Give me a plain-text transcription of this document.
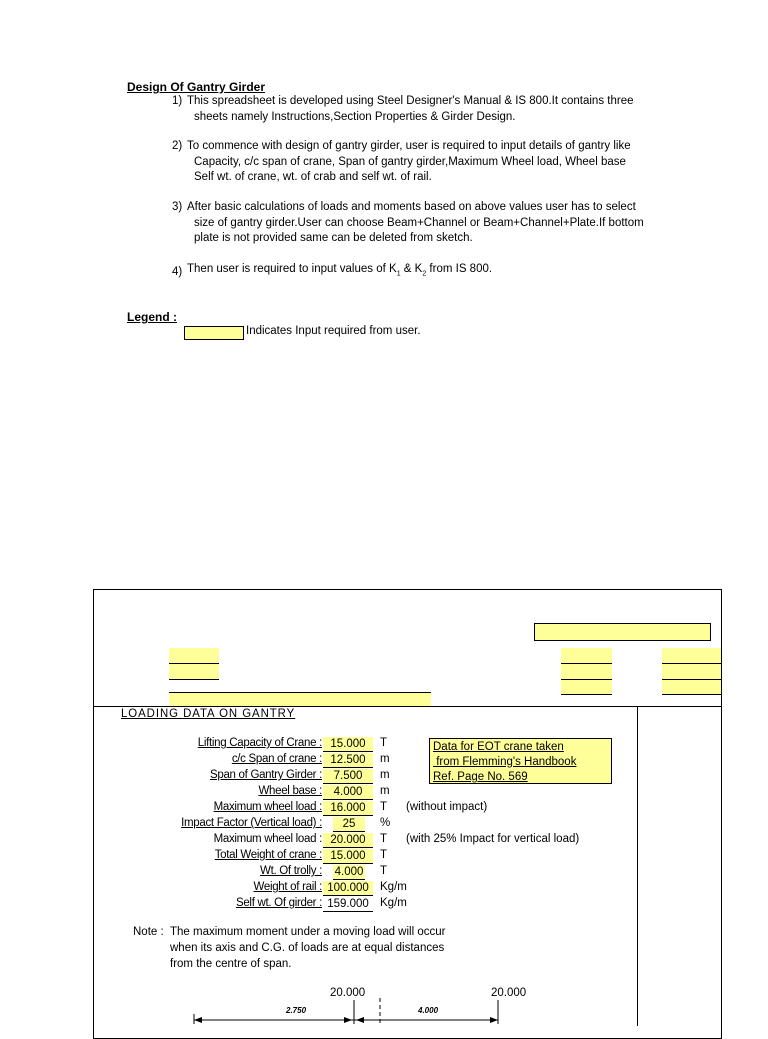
Design Of Gantry Girder
1) This spreadsheet is developed using Steel Designer's Manual & IS 800.It contains three
sheets namely Instructions,Section Properties & Girder Design.
2) To commence with design of gantry girder, user is required to input details of gantry like
Capacity, c/c span of crane, Span of gantry girder,Maximum Wheel load, Wheel base
Self wt. of crane, wt. of crab and self wt. of rail.
3) After basic calculations of loads and moments based on above values user has to select
size of gantry girder.User can choose Beam+Channel or Beam+Channel+Plate.If bottom
plate is not provided same can be deleted from sketch.
4) Then user is required to input values of $K_1$ & $K_2$ from IS 800.
Legend :
Indicates Input required from user.
LOADING DATA ON GANTRY
Lifting Capacity of Crane : 15.000	T
c/c Span of crane : 12.500	m
Span of Gantry Girder :	7.500	m
Wheel base :	4.000	m
Maximum wheel load : 16.000	T (without impact)
Impact Factor (Vertical load) :	25	%
Maximum wheel load : 20.000	T (with 25% Impact for vertical load)
Total Weight of crane : 15.000	T
Wt. Of trolly : 4.000 T
Weight of rail : 100.000 Kg/m
Self wt. Of girder : 159.000 Kg/m
Data for EOT crane taken
from Flemming's Handbook
Ref. Page No. 569
Note : The maximum moment under a moving load will occur
when its axis and C.G. of loads are at equal distances
from the centre of span.
20.000	20.000
2.750	4.000
